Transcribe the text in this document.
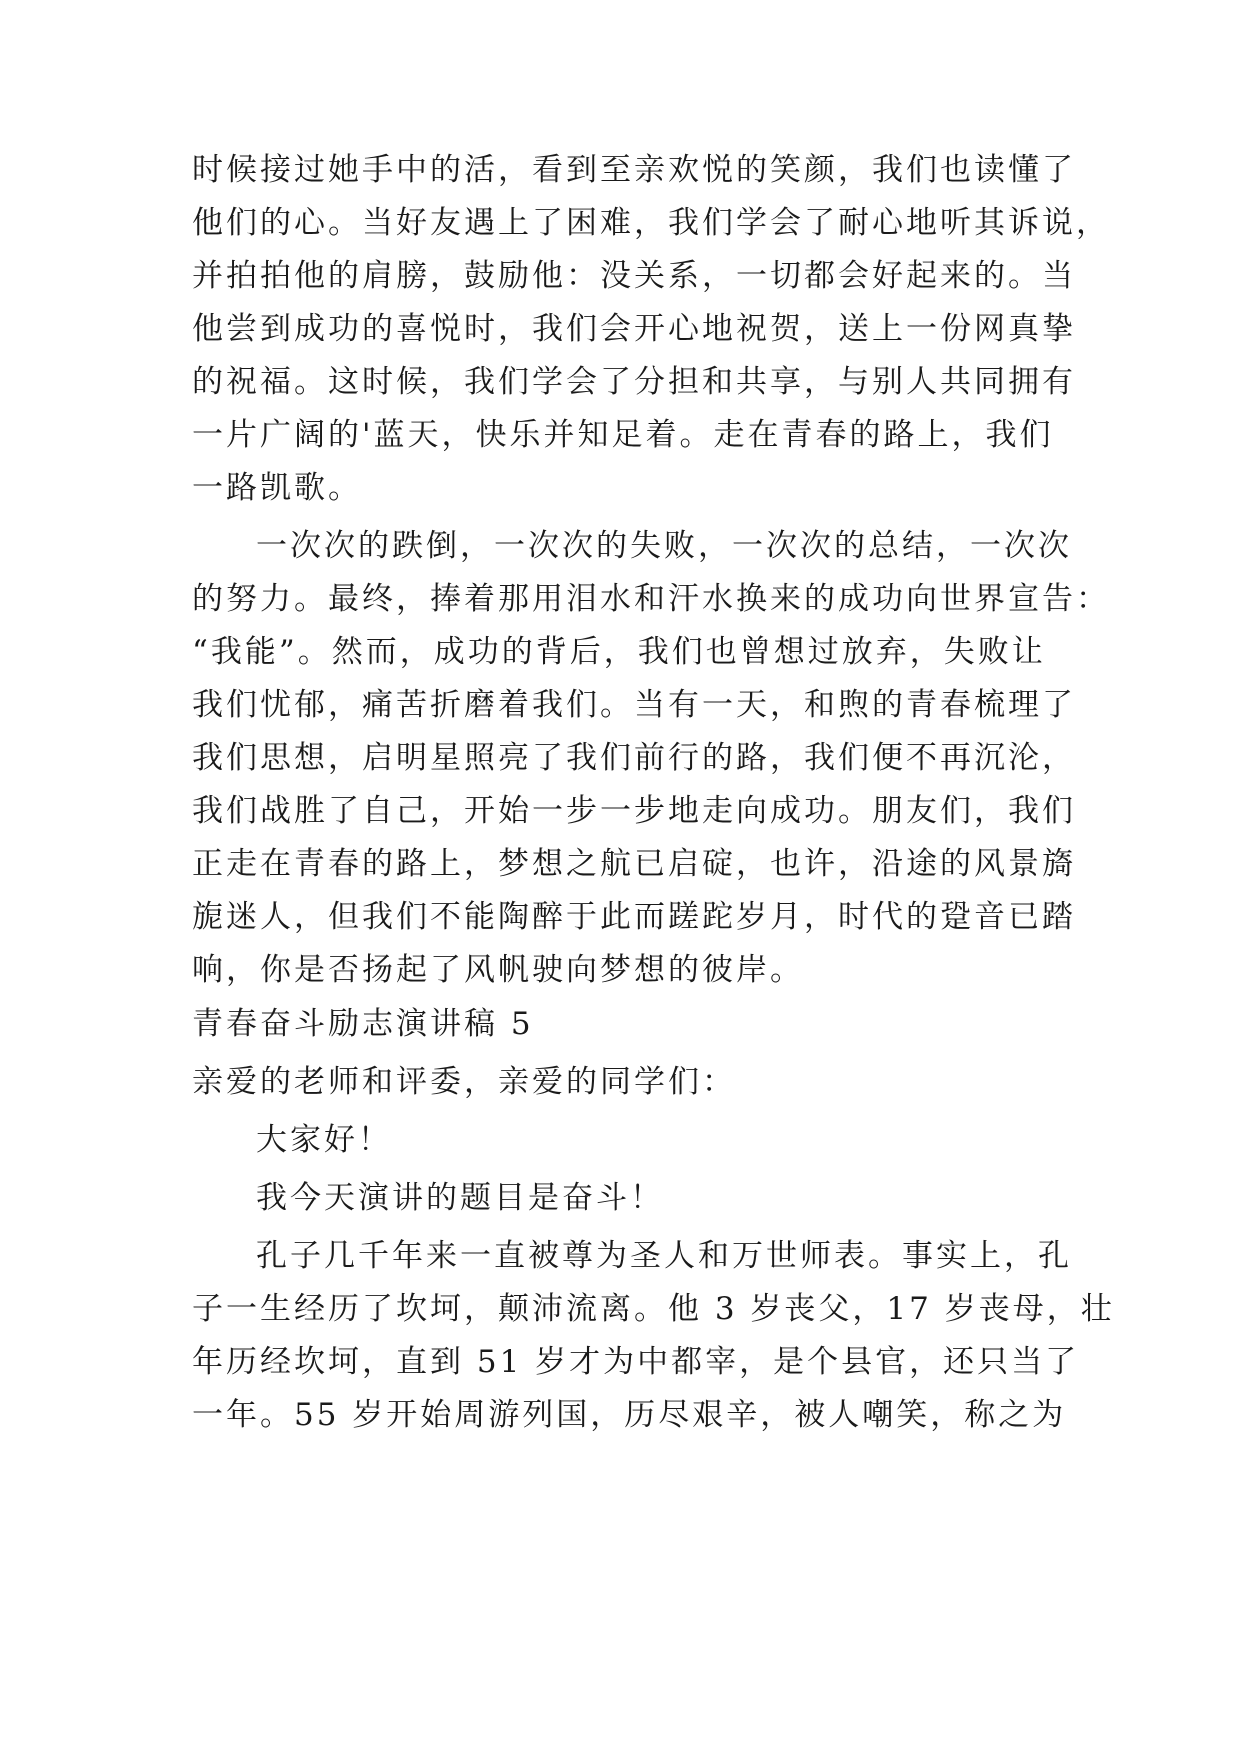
时候接过她手中的活，看到至亲欢悦的笑颜，我们也读懂了
他们的心。当好友遇上了困难，我们学会了耐心地听其诉说，
并拍拍他的肩膀，鼓励他：没关系，一切都会好起来的。当
他尝到成功的喜悦时，我们会开心地祝贺，送上一份网真挚
的祝福。这时候，我们学会了分担和共享，与别人共同拥有
一片广阔的'蓝天，快乐并知足着。走在青春的路上，我们
一路凯歌。
一次次的跌倒，一次次的失败，一次次的总结，一次次
的努力。最终，捧着那用泪水和汗水换来的成功向世界宣告：
“我能”。然而，成功的背后，我们也曾想过放弃，失败让
我们忧郁，痛苦折磨着我们。当有一天，和煦的青春梳理了
我们思想，启明星照亮了我们前行的路，我们便不再沉沦，
我们战胜了自己，开始一步一步地走向成功。朋友们，我们
正走在青春的路上，梦想之航已启碇，也许，沿途的风景旖
旎迷人，但我们不能陶醉于此而蹉跎岁月，时代的跫音已踏
响，你是否扬起了风帆驶向梦想的彼岸。
青春奋斗励志演讲稿 5
亲爱的老师和评委，亲爱的同学们：
大家好！
我今天演讲的题目是奋斗！
孔子几千年来一直被尊为圣人和万世师表。事实上，孔
子一生经历了坎坷，颠沛流离。他 3 岁丧父，17 岁丧母，壮
年历经坎坷，直到 51 岁才为中都宰，是个县官，还只当了
一年。55 岁开始周游列国，历尽艰辛，被人嘲笑，称之为
